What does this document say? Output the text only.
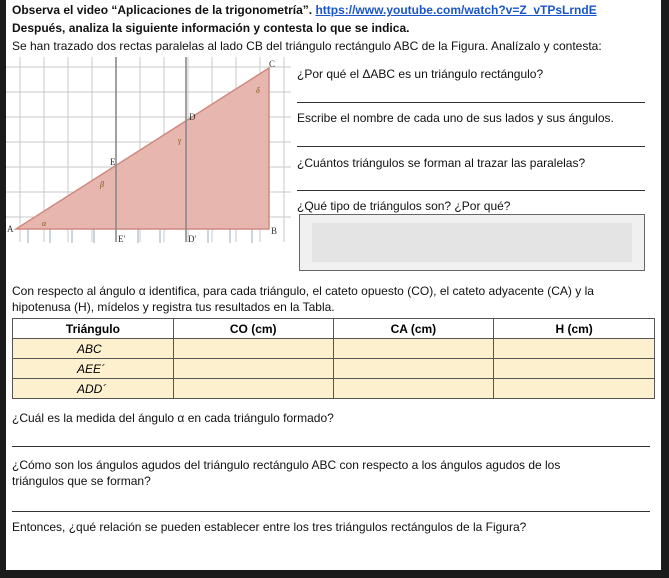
Observa el video “Aplicaciones de la trigonometría”. https://www.youtube.com/watch?v=Z_vTPsLrndE
Después, analiza la siguiente información y contesta lo que se indica.
Se han trazado dos rectas paralelas al lado CB del triángulo rectángulo ABC de la Figura. Analízalo y contesta:
A	B
C
D
E
D'
E'
α
δ
γ
β
¿Por qué el ΔABC es un triángulo rectángulo?
Escribe el nombre de cada uno de sus lados y sus ángulos.
¿Cuántos triángulos se forman al trazar las paralelas?
¿Qué tipo de triángulos son? ¿Por qué?
Con respecto al ángulo α identifica, para cada triángulo, el cateto opuesto (CO), el cateto adyacente (CA) y la
hipotenusa (H), mídelos y registra tus resultados en la Tabla.
Triángulo	CO (cm)	CA (cm)	H (cm)
ABC			
AEE´			
ADD´			
¿Cuál es la medida del ángulo α en cada triángulo formado?
¿Cómo son los ángulos agudos del triángulo rectángulo ABC con respecto a los ángulos agudos de los
triángulos que se forman?
Entonces, ¿qué relación se pueden establecer entre los tres triángulos rectángulos de la Figura?
